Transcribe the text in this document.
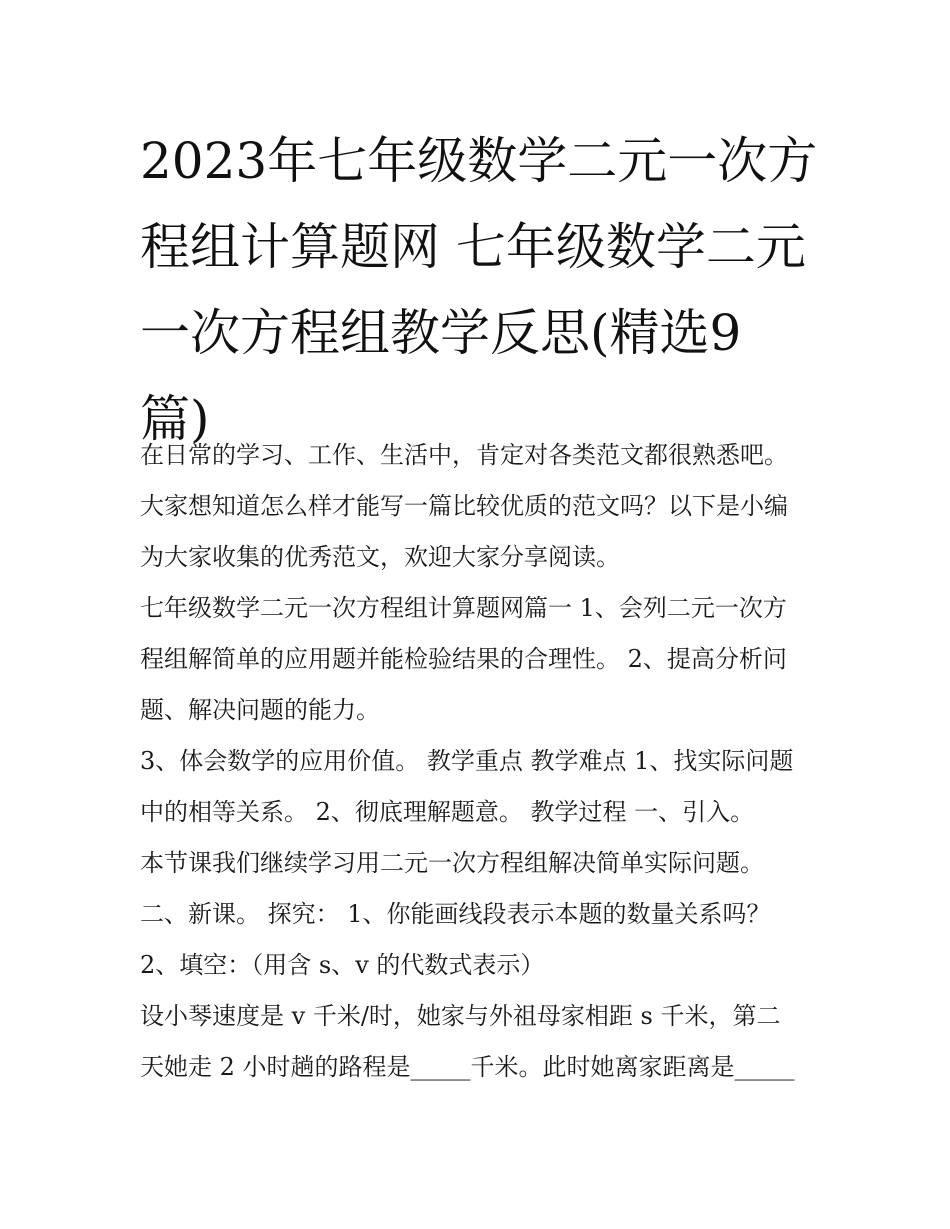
2023年七年级数学二元一次方
程组计算题网 七年级数学二元
一次方程组教学反思(精选9
篇)

在日常的学习、工作、生活中，肯定对各类范文都很熟悉吧。

大家想知道怎么样才能写一篇比较优质的范文吗？以下是小编

为大家收集的优秀范文，欢迎大家分享阅读。

七年级数学二元一次方程组计算题网篇一 1、会列二元一次方

程组解简单的应用题并能检验结果的合理性。 2、提高分析问

题、解决问题的能力。

3、体会数学的应用价值。 教学重点 教学难点 1、找实际问题

中的相等关系。 2、彻底理解题意。 教学过程 一、引入。

本节课我们继续学习用二元一次方程组解决简单实际问题。

二、新课。 探究： 1、你能画线段表示本题的数量关系吗？

2、填空：（用含 s、v 的代数式表示）

设小琴速度是 v 千米/时，她家与外祖母家相距 s 千米，第二

天她走 2 小时趟的路程是_____千米。此时她离家距离是_____
